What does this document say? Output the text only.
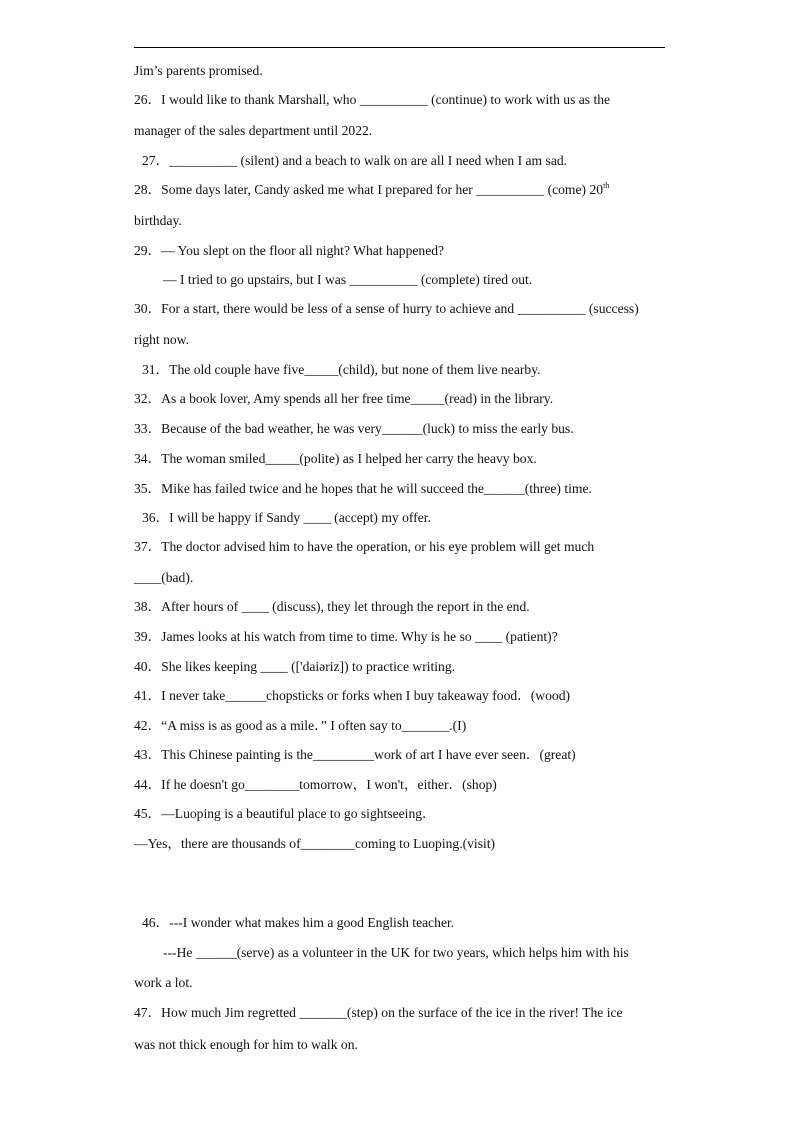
Jim’s parents promised.
26．I would like to thank Marshall, who __________ (continue) to work with us as the
manager of the sales department until 2022.
27．__________ (silent) and a beach to walk on are all I need when I am sad.
28．Some days later, Candy asked me what I prepared for her __________ (come) 20th
birthday.
29．— You slept on the floor all night? What happened?
— I tried to go upstairs, but I was __________ (complete) tired out.
30．For a start, there would be less of a sense of hurry to achieve and __________ (success)
right now.
31．The old couple have five_____(child), but none of them live nearby.
32．As a book lover, Amy spends all her free time_____(read) in the library.
33．Because of the bad weather, he was very______(luck) to miss the early bus.
34．The woman smiled_____(polite) as I helped her carry the heavy box.
35．Mike has failed twice and he hopes that he will succeed the______(three) time.
36．I will be happy if Sandy ____ (accept) my offer.
37．The doctor advised him to have the operation, or his eye problem will get much
____(bad).
38．After hours of ____ (discuss), they let through the report in the end.
39．James looks at his watch from time to time. Why is he so ____ (patient)?
40．She likes keeping ____ (['daiəriz]) to practice writing.
41．I never take______chopsticks or forks when I buy takeaway food．(wood)
42．“A miss is as good as a mile．” I often say to_______.(I)
43．This Chinese painting is the_________work of art I have ever seen．(great)
44．If he doesn't go________tomorrow，I won't，either．(shop)
45．—Luoping is a beautiful place to go sightseeing．
—Yes，there are thousands of________coming to Luoping.(visit)
46．---I wonder what makes him a good English teacher.
---He ______(serve) as a volunteer in the UK for two years, which helps him with his
work a lot.
47．How much Jim regretted _______(step) on the surface of the ice in the river! The ice
was not thick enough for him to walk on.
